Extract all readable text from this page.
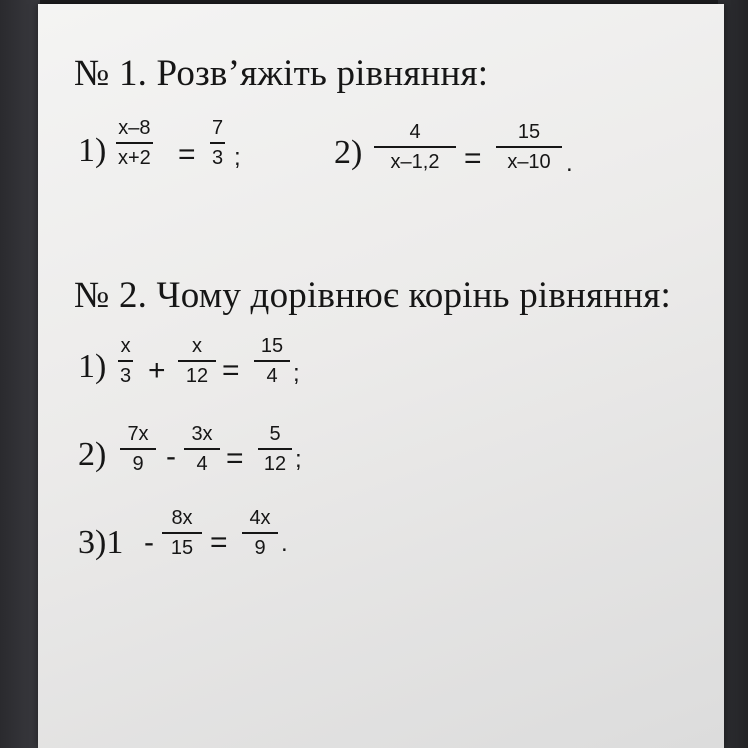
№ 1. Розв’яжіть рівняння:
1)
x–8
x+2 =
7
3 ;	2)
4
x–1,2 =
15
x–10 .
№ 2. Чому дорівнює корінь рівняння:
1)
x
3 +
x
12 =
15
4 ;
2)
7x
9 -
3x
4 =
5
12 ;
3)1 -
8x
15 =
4x
9 .
